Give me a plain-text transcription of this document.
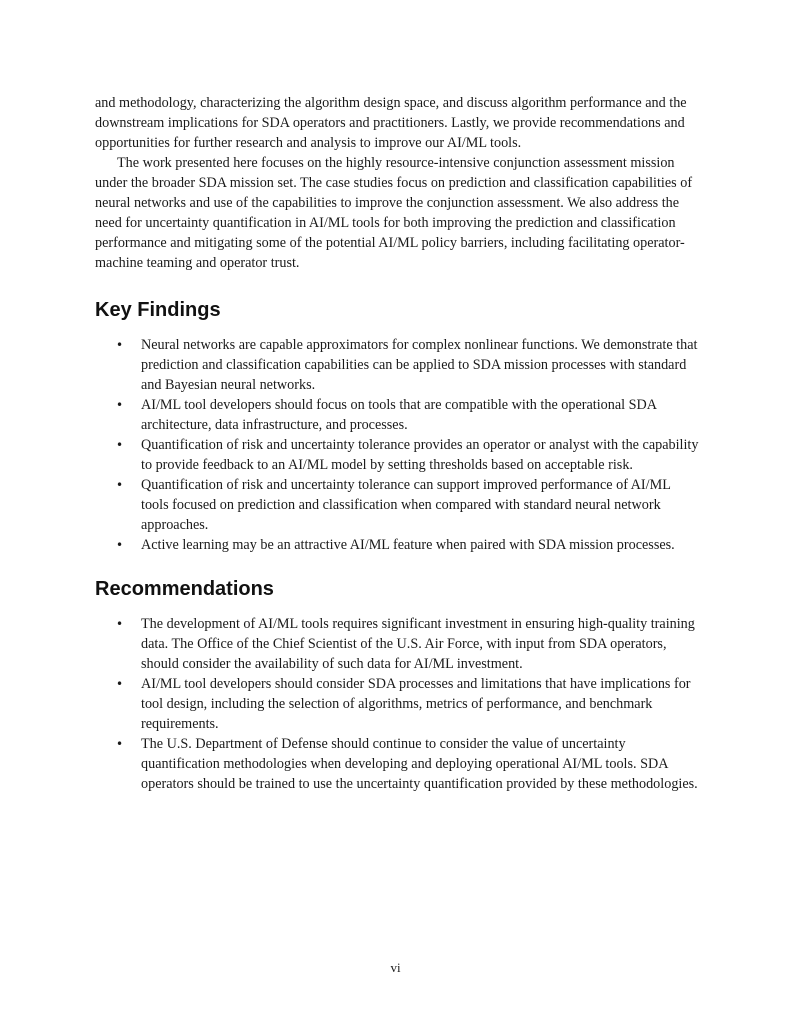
and methodology, characterizing the algorithm design space, and discuss algorithm performance and the downstream implications for SDA operators and practitioners. Lastly, we provide recommendations and opportunities for further research and analysis to improve our AI/ML tools.

The work presented here focuses on the highly resource-intensive conjunction assessment mission under the broader SDA mission set. The case studies focus on prediction and classification capabilities of neural networks and use of the capabilities to improve the conjunction assessment. We also address the need for uncertainty quantification in AI/ML tools for both improving the prediction and classification performance and mitigating some of the potential AI/ML policy barriers, including facilitating operator-machine teaming and operator trust.

Key Findings
• Neural networks are capable approximators for complex nonlinear functions. We demonstrate that prediction and classification capabilities can be applied to SDA mission processes with standard and Bayesian neural networks.
• AI/ML tool developers should focus on tools that are compatible with the operational SDA architecture, data infrastructure, and processes.
• Quantification of risk and uncertainty tolerance provides an operator or analyst with the capability to provide feedback to an AI/ML model by setting thresholds based on acceptable risk.
• Quantification of risk and uncertainty tolerance can support improved performance of AI/ML tools focused on prediction and classification when compared with standard neural network approaches.
• Active learning may be an attractive AI/ML feature when paired with SDA mission processes.
Recommendations
• The development of AI/ML tools requires significant investment in ensuring high-quality training data. The Office of the Chief Scientist of the U.S. Air Force, with input from SDA operators, should consider the availability of such data for AI/ML investment.
• AI/ML tool developers should consider SDA processes and limitations that have implications for tool design, including the selection of algorithms, metrics of performance, and benchmark requirements.
• The U.S. Department of Defense should continue to consider the value of uncertainty quantification methodologies when developing and deploying operational AI/ML tools. SDA operators should be trained to use the uncertainty quantification provided by these methodologies.
vi
